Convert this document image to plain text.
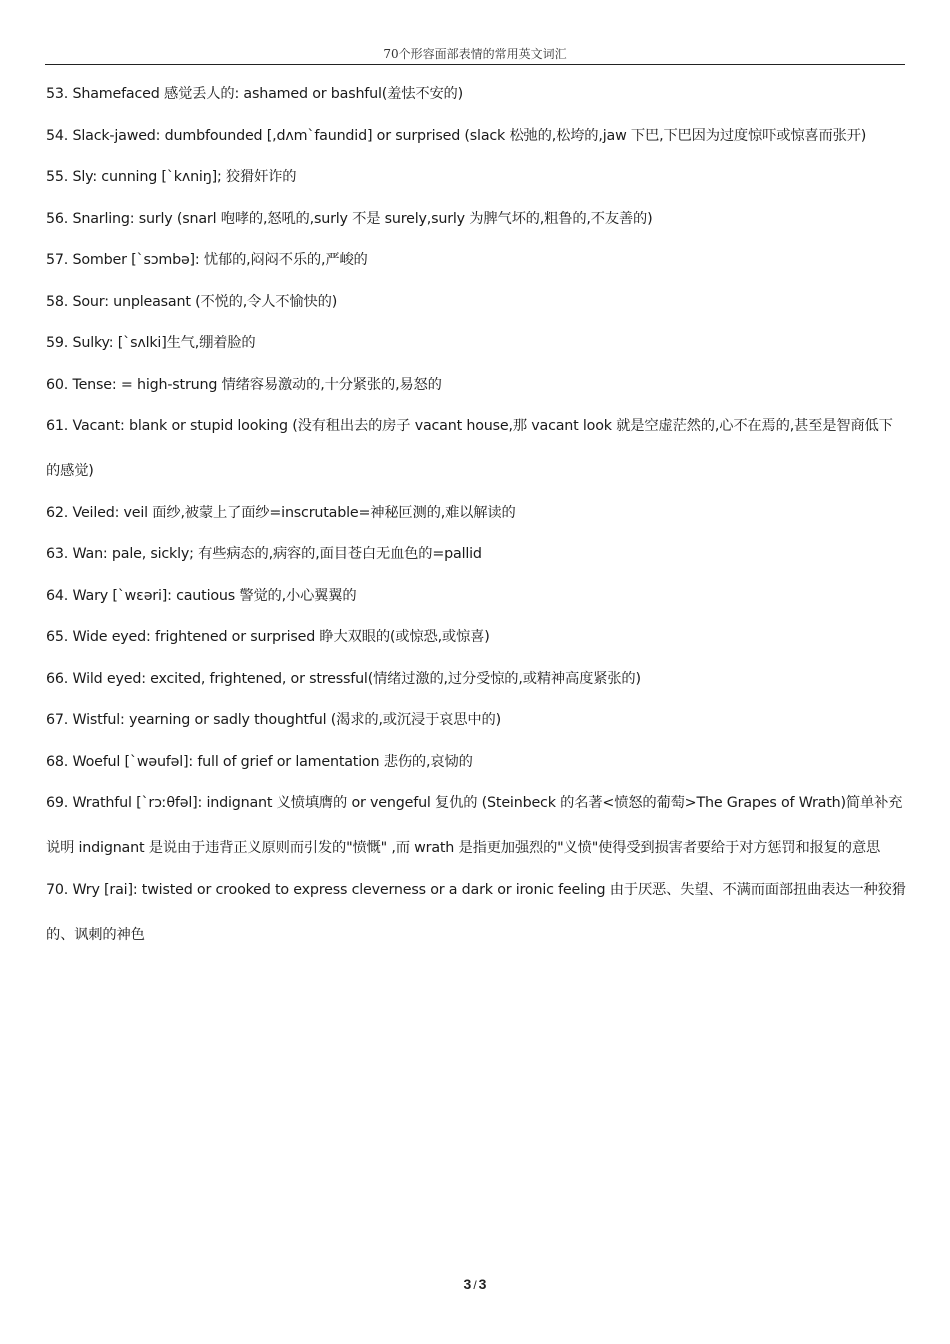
70个形容面部表情的常用英文词汇
53. Shamefaced 感觉丢人的: ashamed or bashful(羞怯不安的)
54. Slack-jawed: dumbfounded [,dʌm`faundid] or surprised (slack 松弛的,松垮的,jaw 下巴,下巴因为过度惊吓或惊喜而张开)
55. Sly: cunning [`kʌniŋ]; 狡猾奸诈的
56. Snarling: surly (snarl 咆哮的,怒吼的,surly 不是 surely,surly 为脾气坏的,粗鲁的,不友善的)
57. Somber [`sɔmbə]: 忧郁的,闷闷不乐的,严峻的
58. Sour: unpleasant (不悦的,令人不愉快的)
59. Sulky: [`sʌlki]生气,绷着脸的
60. Tense: = high-strung 情绪容易激动的,十分紧张的,易怒的
61. Vacant: blank or stupid looking (没有租出去的房子 vacant house,那 vacant look 就是空虚茫然的,心不在焉的,甚至是智商低下的感觉)
62. Veiled: veil 面纱,被蒙上了面纱=inscrutable=神秘叵测的,难以解读的
63. Wan: pale, sickly; 有些病态的,病容的,面目苍白无血色的=pallid
64. Wary [`wɛəri]: cautious 警觉的,小心翼翼的
65. Wide eyed: frightened or surprised 睁大双眼的(或惊恐,或惊喜)
66. Wild eyed: excited, frightened, or stressful(情绪过激的,过分受惊的,或精神高度紧张的)
67. Wistful: yearning or sadly thoughtful (渴求的,或沉浸于哀思中的)
68. Woeful [`wəufəl]: full of grief or lamentation 悲伤的,哀恸的
69. Wrathful [`rɔːθfəl]: indignant 义愤填膺的 or vengeful 复仇的 (Steinbeck 的名著<愤怒的葡萄>The Grapes of Wrath)简单补充说明 indignant 是说由于违背正义原则而引发的"愤慨" ,而 wrath 是指更加强烈的"义愤"使得受到损害者要给于对方惩罚和报复的意思
70. Wry [rai]: twisted or crooked to express cleverness or a dark or ironic feeling 由于厌恶、失望、不满而面部扭曲表达一种狡猾的、讽刺的神色
3 / 3
